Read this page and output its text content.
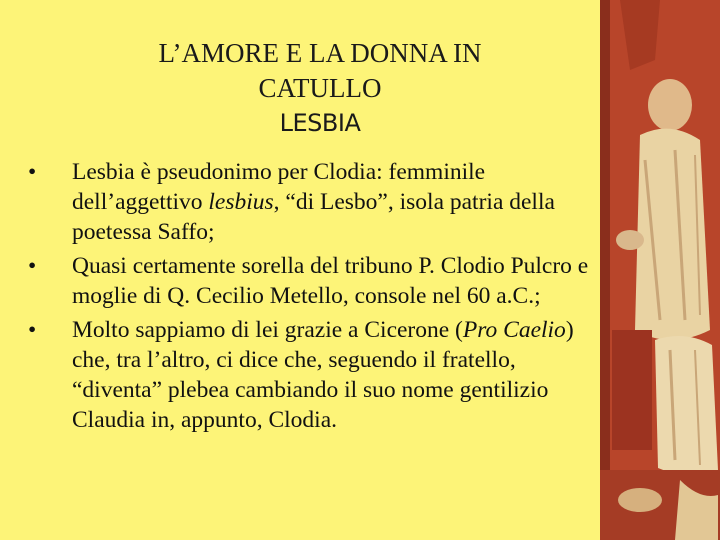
L’AMORE E LA DONNA IN
CATULLO
LESBIA
•	Lesbia è pseudonimo per Clodia: femminile dell’aggettivo lesbius, “di Lesbo”, isola patria della poetessa Saffo;
•	Quasi certamente sorella del tribuno P. Clodio Pulcro e moglie di Q. Cecilio Metello, console nel 60 a.C.;
•	Molto sappiamo di lei grazie a Cicerone (Pro Caelio) che, tra l’altro, ci dice che, seguendo il fratello, “diventa” plebea cambiando il suo nome gentilizio Claudia in, appunto, Clodia.
